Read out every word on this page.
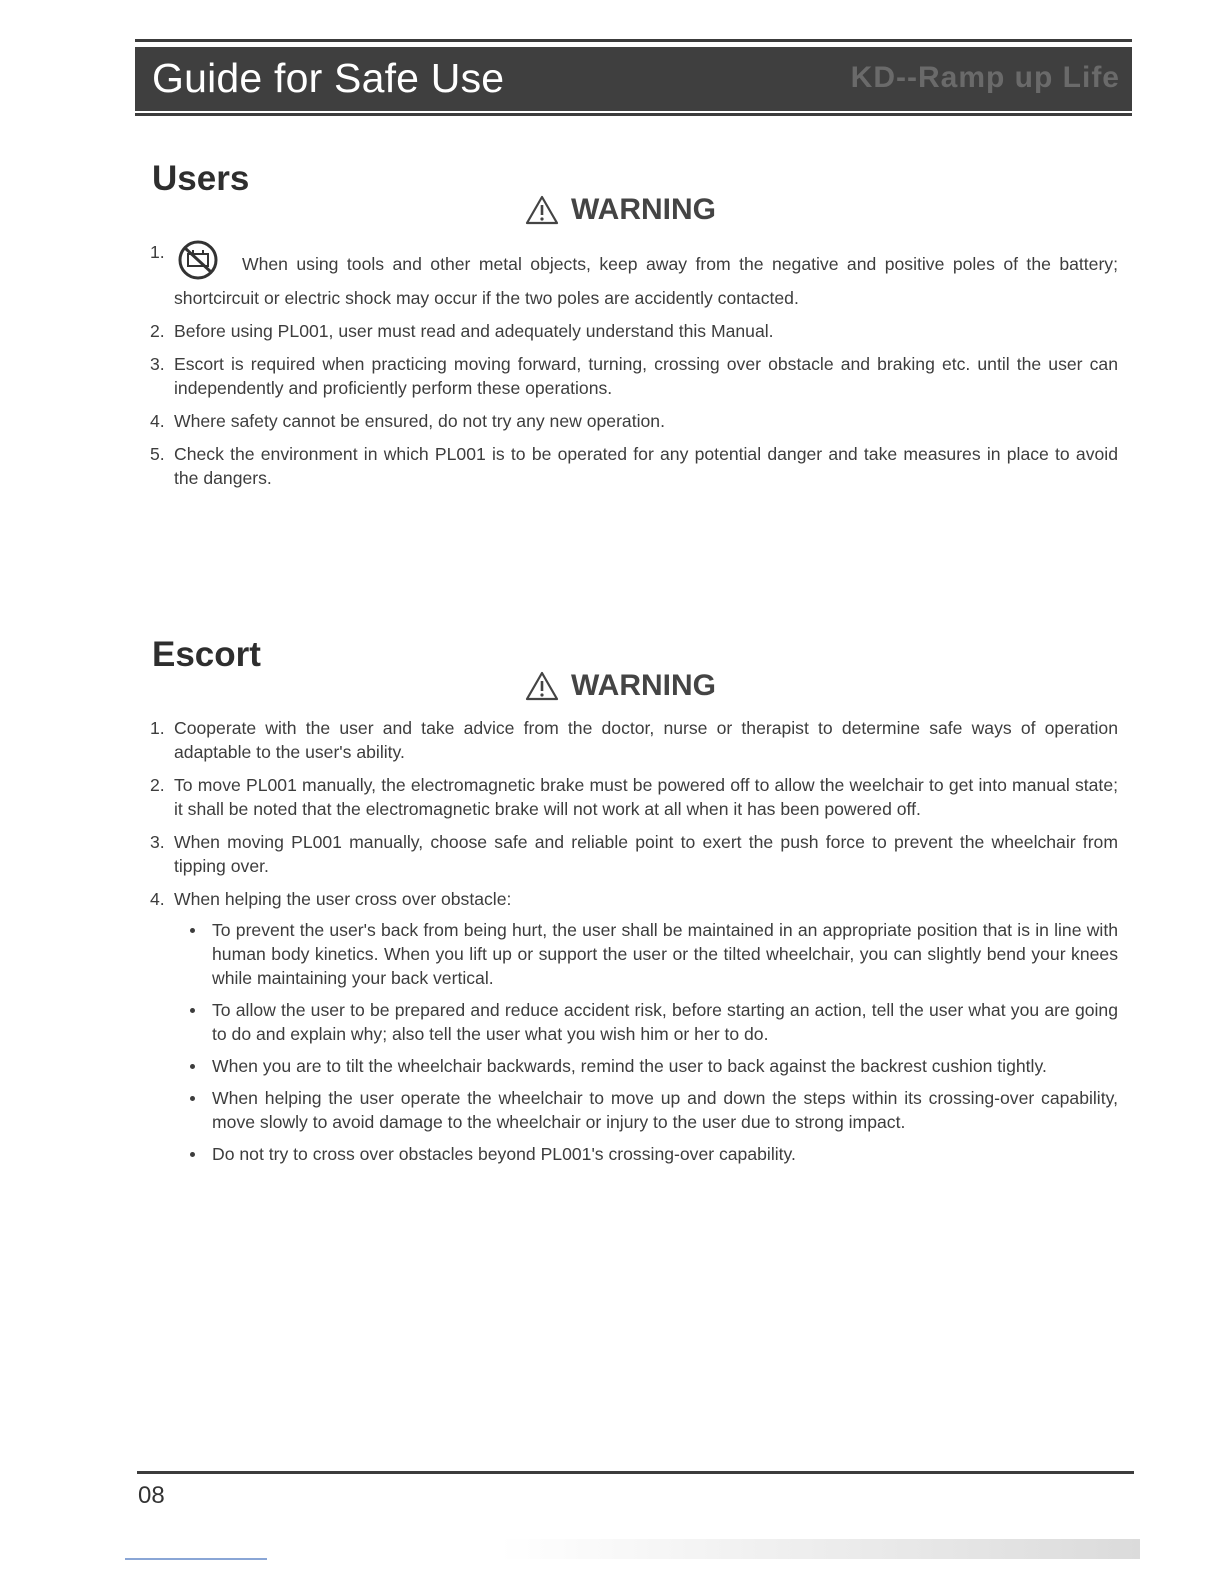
Guide for Safe Use	KD--Ramp up Life
Users
WARNING
1.
When using tools and other metal objects, keep away from the negative and positive poles of the battery; shortcircuit or electric shock may occur if the two poles are accidently contacted.
2. Before using PL001, user must read and adequately understand this Manual.
3. Escort is required when practicing moving forward, turning, crossing over obstacle and braking etc. until the user can independently and proficiently perform these operations.
4. Where safety cannot be ensured, do not try any new operation.
5. Check the environment in which PL001 is to be operated for any potential danger and take measures in place to avoid the dangers.
Escort
WARNING
1. Cooperate with the user and take advice from the doctor, nurse or therapist to determine safe ways of operation adaptable to the user's ability.
2. To move PL001 manually, the electromagnetic brake must be powered off to allow the weelchair to get into manual state; it shall be noted that the electromagnetic brake will not work at all when it has been powered off.
3. When moving PL001 manually, choose safe and reliable point to exert the push force to prevent the wheelchair from tipping over.
4. When helping the user cross over obstacle:
To prevent the user's back from being hurt, the user shall be maintained in an appropriate position that is in line with human body kinetics. When you lift up or support the user or the tilted wheelchair, you can slightly bend your knees while maintaining your back vertical.
To allow the user to be prepared and reduce accident risk, before starting an action, tell the user what you are going to do and explain why; also tell the user what you wish him or her to do.
When you are to tilt the wheelchair backwards, remind the user to back against the backrest cushion tightly.
When helping the user operate the wheelchair to move up and down the steps within its crossing-over capability, move slowly to avoid damage to the wheelchair or injury to the user due to strong impact.
Do not try to cross over obstacles beyond PL001's crossing-over capability.
08
